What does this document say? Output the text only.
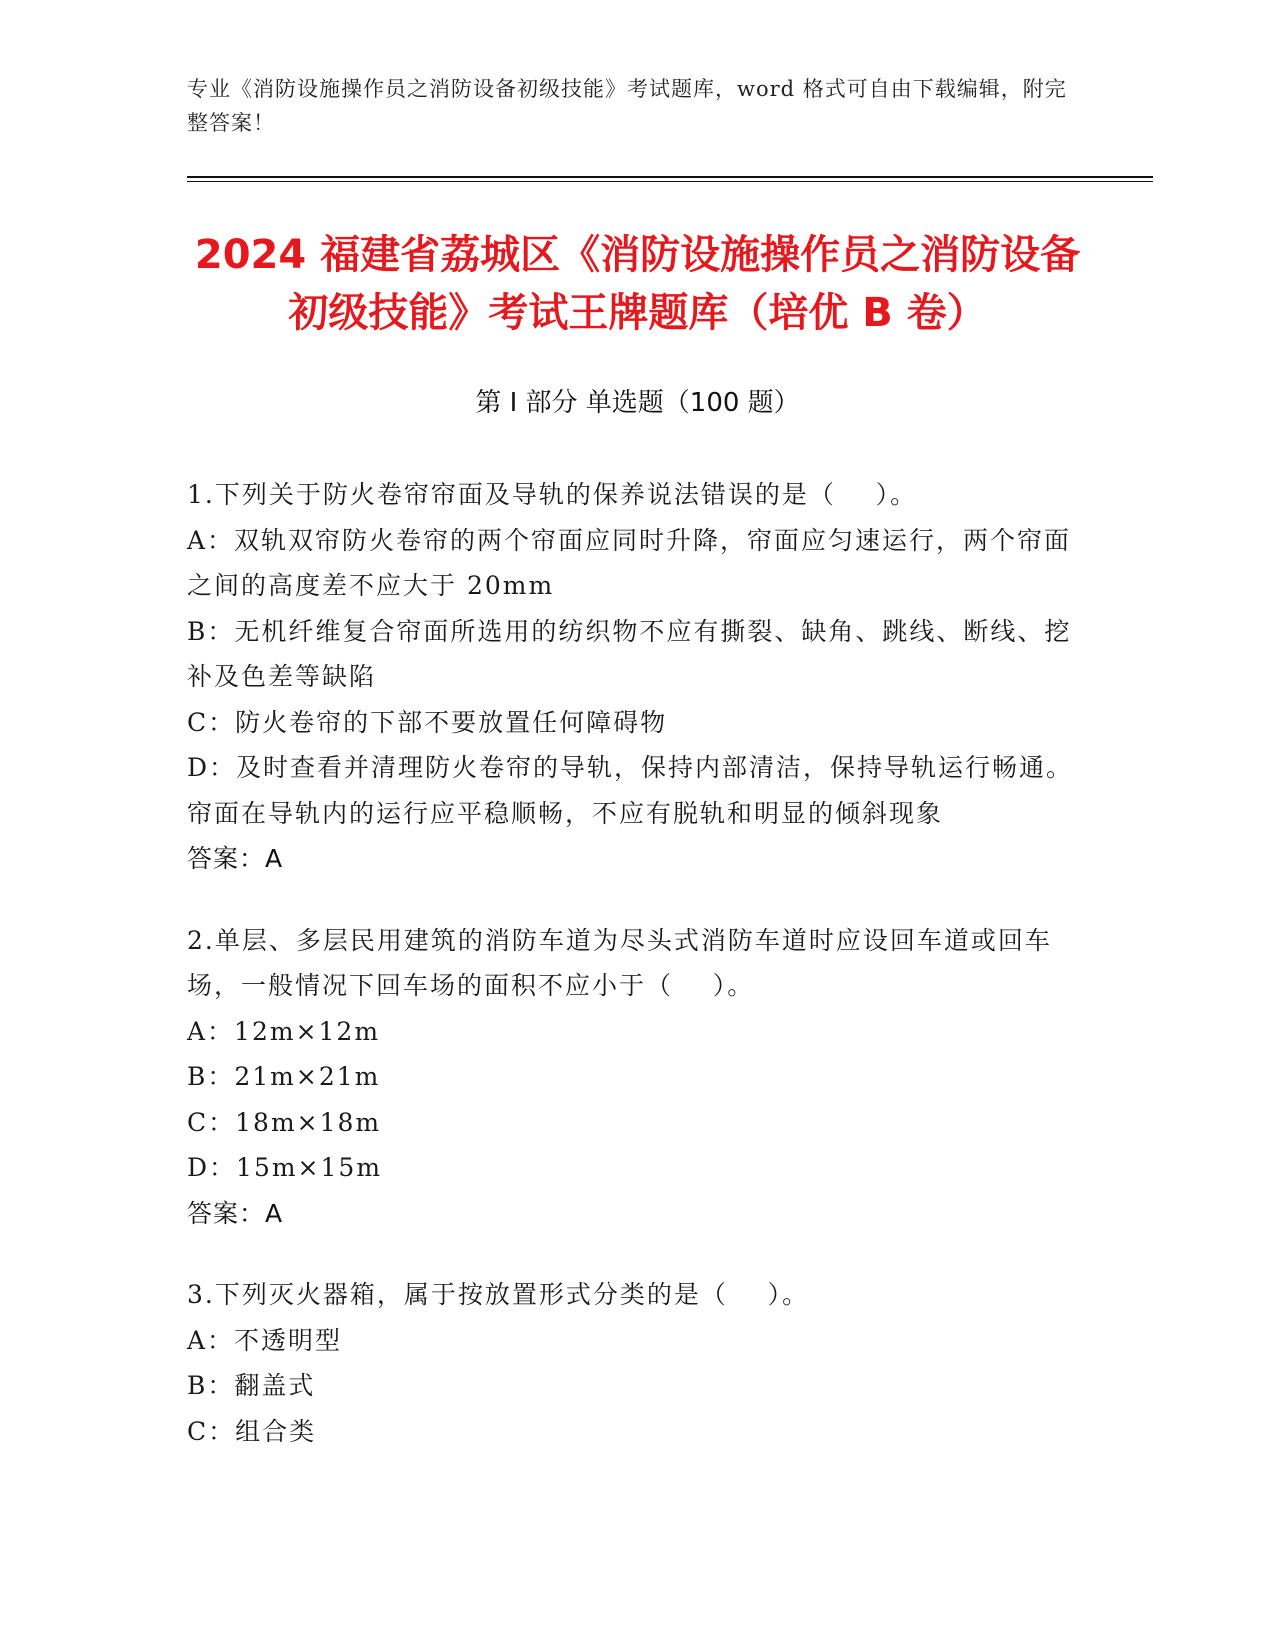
专业《消防设施操作员之消防设备初级技能》考试题库，word 格式可自由下载编辑，附完整答案！
2024 福建省荔城区《消防设施操作员之消防设备初级技能》考试王牌题库（培优 B 卷）
第 I 部分 单选题（100 题）
1.下列关于防火卷帘帘面及导轨的保养说法错误的是（    ）。
A：双轨双帘防火卷帘的两个帘面应同时升降，帘面应匀速运行，两个帘面之间的高度差不应大于 20mm
B：无机纤维复合帘面所选用的纺织物不应有撕裂、缺角、跳线、断线、挖补及色差等缺陷
C：防火卷帘的下部不要放置任何障碍物
D：及时查看并清理防火卷帘的导轨，保持内部清洁，保持导轨运行畅通。帘面在导轨内的运行应平稳顺畅，不应有脱轨和明显的倾斜现象
答案：A
2.单层、多层民用建筑的消防车道为尽头式消防车道时应设回车道或回车场，一般情况下回车场的面积不应小于（    ）。
A：12m×12m
B：21m×21m
C：18m×18m
D：15m×15m
答案：A
3.下列灭火器箱，属于按放置形式分类的是（    ）。
A：不透明型
B：翻盖式
C：组合类
